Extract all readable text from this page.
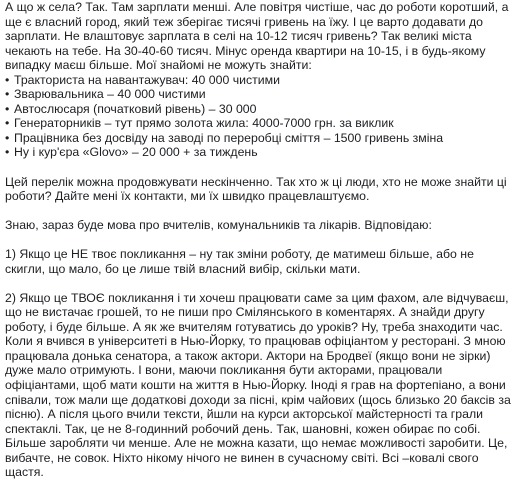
А що ж села? Так. Там зарплати менші. Але повітря чистіше, час до роботи коротший, а ще є власний город, який теж зберігає тисячі гривень на їжу. І це варто додавати до зарплати. Не влаштовує зарплата в селі на 10-12 тисяч гривень? Так великі міста чекають на тебе. На 30-40-60 тисяч. Мінус оренда квартири на 10-15, і в будь-якому випадку маєш більше. Мої знайомі не можуть знайти:

• Тракториста на навантажувач: 40 000 чистими
• Зварювальника – 40 000 чистими
• Автослюсаря (початковий рівень) – 30 000
• Генераторників – тут прямо золота жила: 4000-7000 грн. за виклик
• Працівника без досвіду на заводі по переробці сміття – 1500 гривень зміна
• Ну і кур'єра «Glovo» – 20 000 + за тиждень

Цей перелік можна продовжувати нескінченно. Так хто ж ці люди, хто не може знайти ці роботи? Дайте мені їх контакти, ми їх швидко працевлаштуємо.

Знаю, зараз буде мова про вчителів, комунальників та лікарів. Відповідаю:

1) Якщо це НЕ твоє покликання – ну так зміни роботу, де матимеш більше, або не скигли, що мало, бо це лише твій власний вибір, скільки мати.

2) Якщо це ТВОЄ покликання і ти хочеш працювати саме за цим фахом, але відчуваєш, що не вистачає грошей, то не пиши про Смілянського в коментарях. А знайди другу роботу, і буде більше. А як же вчителям готуватись до уроків? Ну, треба знаходити час. Коли я вчився в університеті в Нью-Йорку, то працював офіціантом у ресторані. З мною працювала донька сенатора, а також актори. Актори на Бродвеї (якщо вони не зірки) дуже мало отримують. І вони, маючи покликання бути акторами, працювали офіціантами, щоб мати кошти на життя в Нью-Йорку. Іноді я грав на фортепіано, а вони співали, тож мали ще додаткові доходи за пісні, крім чайових (щось близько 20 баксів за пісню). А після цього вчили тексти, йшли на курси акторської майстерності та грали спектаклі. Так, це не 8-годинний робочий день. Так, шановні, кожен обирає по собі. Більше заробляти чи менше. Але не можна казати, що немає можливості заробити. Це, вибачте, не совок. Ніхто нікому нічого не винен в сучасному світі. Всі –ковалі свого щастя.
